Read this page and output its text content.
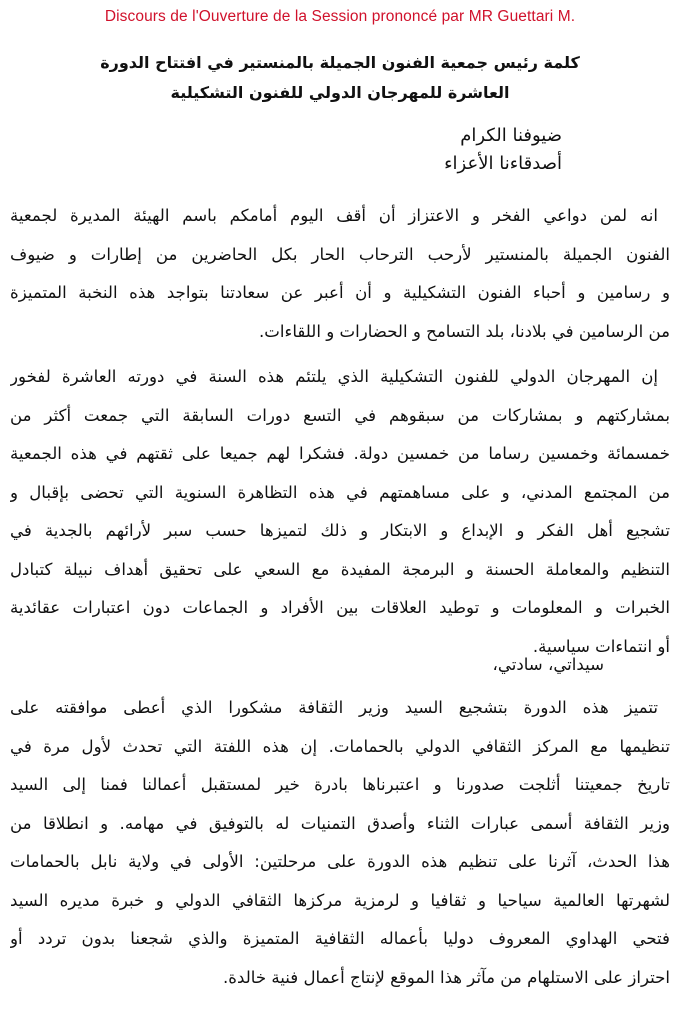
Discours de l'Ouverture de la Session prononcé par MR Guettari M.
كلمة رئيس جمعية الفنون الجميلة بالمنستير في افتتاح الدورة
العاشرة للمهرجان الدولي للفنون التشكيلية
ضيوفنا الكرام
أصدقاءنا الأعزاء
انه لمن دواعي الفخر و الاعتزاز أن أقف اليوم أمامكم باسم الهيئة المديرة لجمعية
الفنون الجميلة بالمنستير لأرحب الترحاب الحار بكل الحاضرين من إطارات و ضيوف
و رسامين و أحباء الفنون التشكيلية و أن أعبر عن سعادتنا بتواجد هذه النخبة المتميزة
من الرسامين في بلادنا، بلد التسامح و الحضارات و اللقاءات.
إن المهرجان الدولي للفنون التشكيلية الذي يلتئم هذه السنة في دورته العاشرة لفخور
بمشاركتهم و بمشاركات من سبقوهم في التسع دورات السابقة التي جمعت أكثر من
خمسمائة وخمسين رساما من خمسين دولة. فشكرا لهم جميعا على ثقتهم في هذه الجمعية
من المجتمع المدني، و على مساهمتهم في هذه التظاهرة السنوية التي تحضى بإقبال و
تشجيع أهل الفكر و الإبداع و الابتكار و ذلك لتميزها حسب سبر لأرائهم بالجدية في
التنظيم والمعاملة الحسنة و البرمجة المفيدة مع السعي على تحقيق أهداف نبيلة كتبادل
الخبرات و المعلومات و توطيد العلاقات بين الأفراد و الجماعات دون اعتبارات عقائدية
أو انتماءات سياسية.
سيداتي، سادتي،
تتميز هذه الدورة بتشجيع السيد وزير الثقافة مشكورا الذي أعطى موافقته على
تنظيمها مع المركز الثقافي الدولي بالحمامات. إن هذه اللفتة التي تحدث لأول مرة في
تاريخ جمعيتنا أثلجت صدورنا و اعتبرناها بادرة خير لمستقبل أعمالنا فمنا إلى السيد
وزير الثقافة أسمى عبارات الثناء وأصدق التمنيات له بالتوفيق في مهامه. و انطلاقا من
هذا الحدث، آثرنا على تنظيم هذه الدورة على مرحلتين: الأولى في ولاية نابل بالحمامات
لشهرتها العالمية سياحيا و ثقافيا و لرمزية مركزها الثقافي الدولي و خبرة مديره السيد
فتحي الهداوي المعروف دوليا بأعماله الثقافية المتميزة والذي شجعنا بدون تردد أو
احتراز على الاستلهام من مآثر هذا الموقع لإنتاج أعمال فنية خالدة.
